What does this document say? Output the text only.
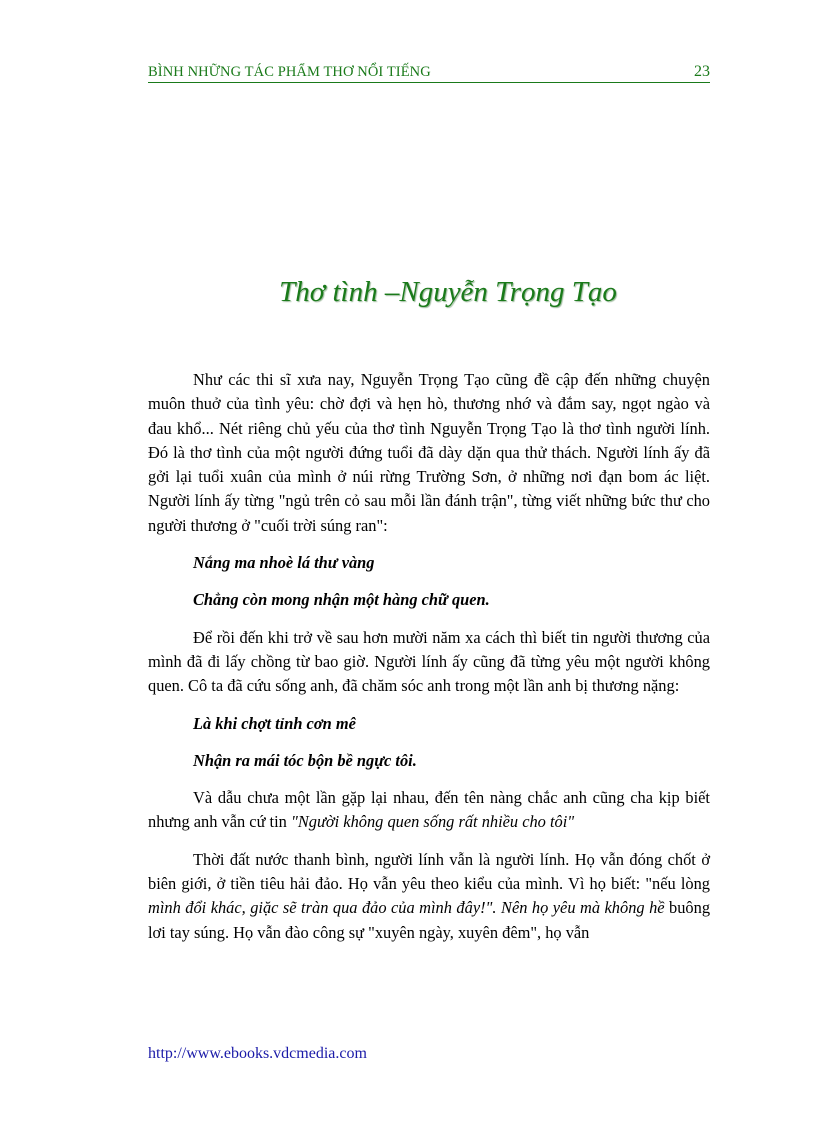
BÌNH NHỮNG TÁC PHẨM THƠ NỔI TIẾNG	23
Thơ tình –Nguyễn Trọng Tạo

Như các thi sĩ xưa nay, Nguyễn Trọng Tạo cũng đề cập đến những chuyện muôn thuở của tình yêu: chờ đợi và hẹn hò, thương nhớ và đắm say, ngọt ngào và đau khổ... Nét riêng chủ yếu của thơ tình Nguyễn Trọng Tạo là thơ tình người lính. Đó là thơ tình của một người đứng tuổi đã dày dặn qua thử thách. Người lính ấy đã gởi lại tuổi xuân của mình ở núi rừng Trường Sơn, ở những nơi đạn bom ác liệt. Người lính ấy từng "ngủ trên cỏ sau mỗi lần đánh trận", từng viết những bức thư cho người thương ở "cuối trời súng ran":

Nắng ma nhoè lá thư vàng

Chẳng còn mong nhận một hàng chữ quen.

Để rồi đến khi trở về sau hơn mười năm xa cách thì biết tin người thương của mình đã đi lấy chồng từ bao giờ. Người lính ấy cũng đã từng yêu một người không quen. Cô ta đã cứu sống anh, đã chăm sóc anh trong một lần anh bị thương nặng:

Là khi chợt tỉnh cơn mê

Nhận ra mái tóc bộn bề ngực tôi.

Và dẫu chưa một lần gặp lại nhau, đến tên nàng chắc anh cũng cha kịp biết nhưng anh vẫn cứ tin "Người không quen sống rất nhiều cho tôi"

Thời đất nước thanh bình, người lính vẫn là người lính. Họ vẫn đóng chốt ở biên giới, ở tiền tiêu hải đảo. Họ vẫn yêu theo kiểu của mình. Vì họ biết: "nếu lòng mình đổi khác, giặc sẽ tràn qua đảo của mình đây!". Nên họ yêu mà không hề buông lơi tay súng. Họ vẫn đào công sự "xuyên ngày, xuyên đêm", họ vẫn

http://www.ebooks.vdcmedia.com
